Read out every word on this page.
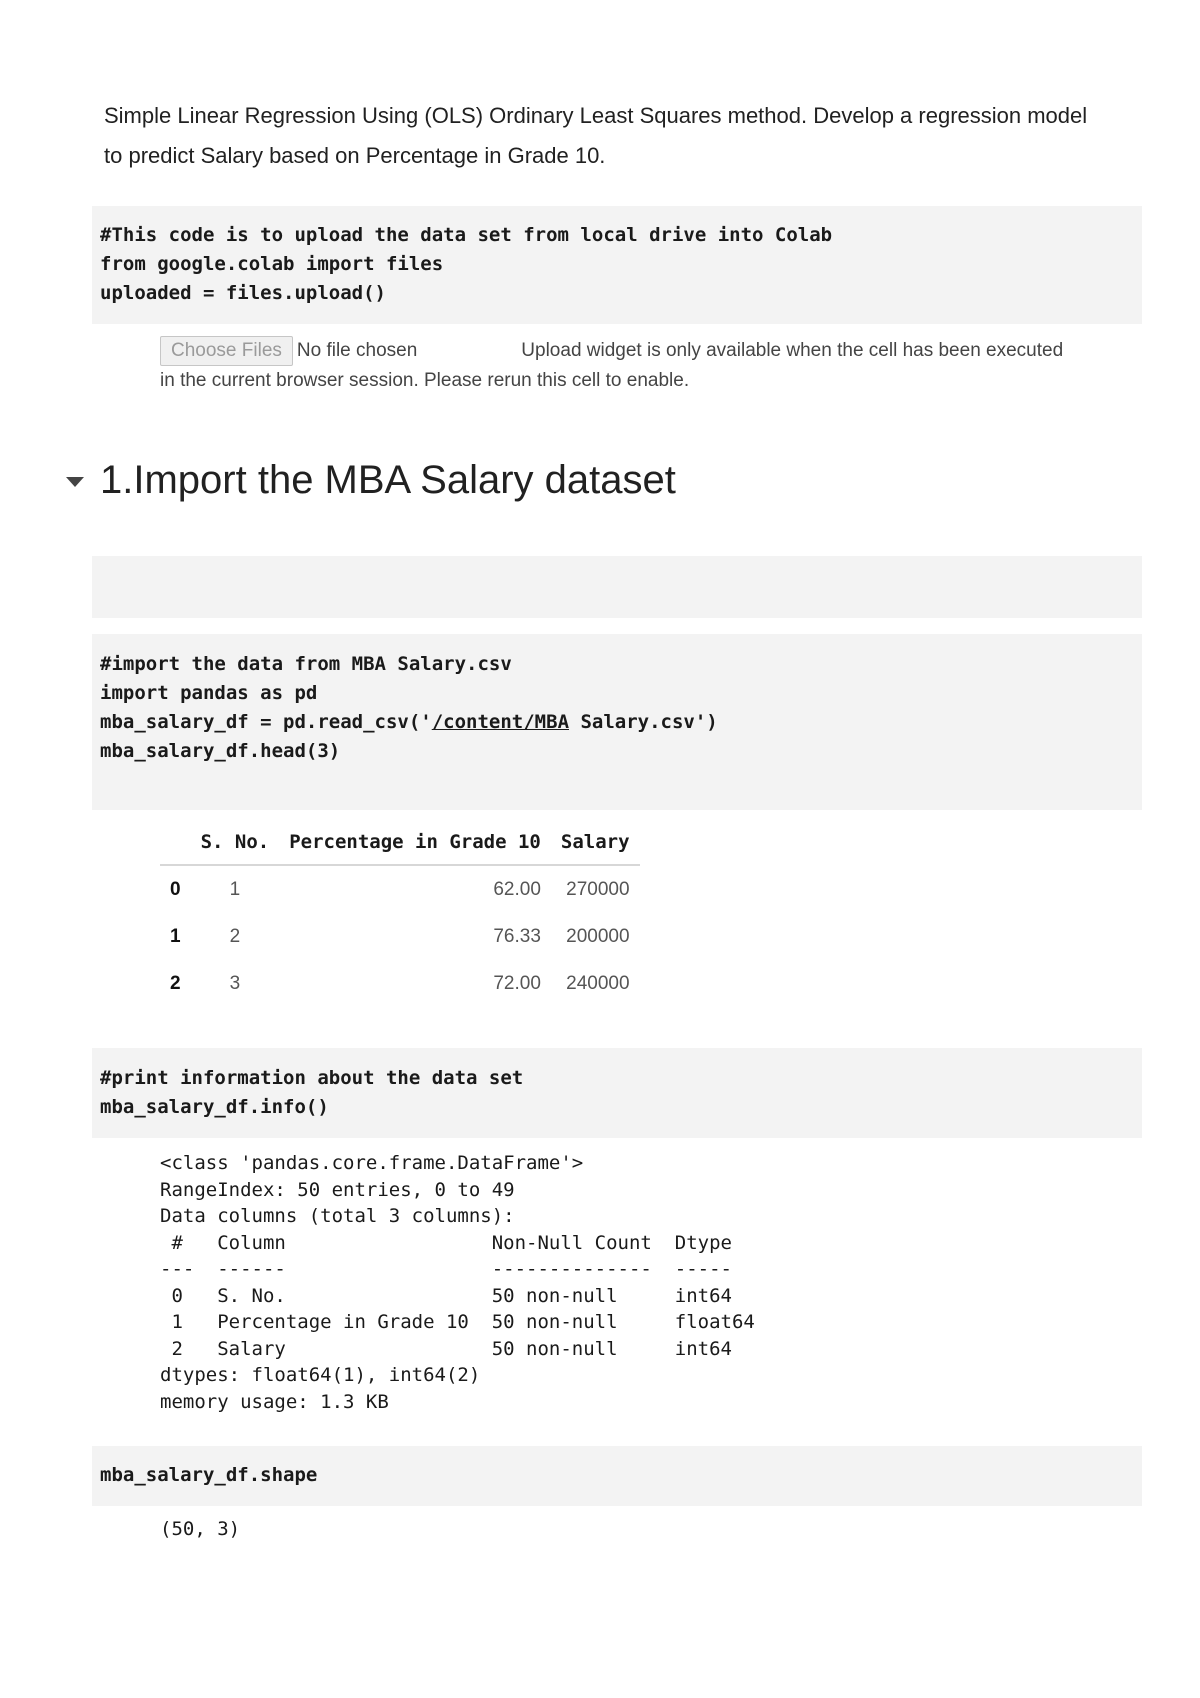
Simple Linear Regression Using (OLS) Ordinary Least Squares method. Develop a regression model to predict Salary based on Percentage in Grade 10.
#This code is to upload the data set from local drive into Colab
from google.colab import files
uploaded = files.upload()
Choose Files No file chosen	Upload widget is only available when the cell has been executed in the current browser session. Please rerun this cell to enable.
1.Import the MBA Salary dataset
#import the data from MBA Salary.csv
import pandas as pd
mba_salary_df = pd.read_csv('/content/MBA Salary.csv')
mba_salary_df.head(3)
	S. No.	Percentage in Grade 10	Salary
0	1	62.00	270000
1	2	76.33	200000
2	3	72.00	240000
#print information about the data set
mba_salary_df.info()
<class 'pandas.core.frame.DataFrame'>
RangeIndex: 50 entries, 0 to 49
Data columns (total 3 columns):
#   Column                  Non-Null Count  Dtype
---  ------                  --------------  -----
0   S. No.                  50 non-null     int64
1   Percentage in Grade 10  50 non-null     float64
2   Salary                  50 non-null     int64
dtypes: float64(1), int64(2)
memory usage: 1.3 KB
mba_salary_df.shape
(50, 3)
